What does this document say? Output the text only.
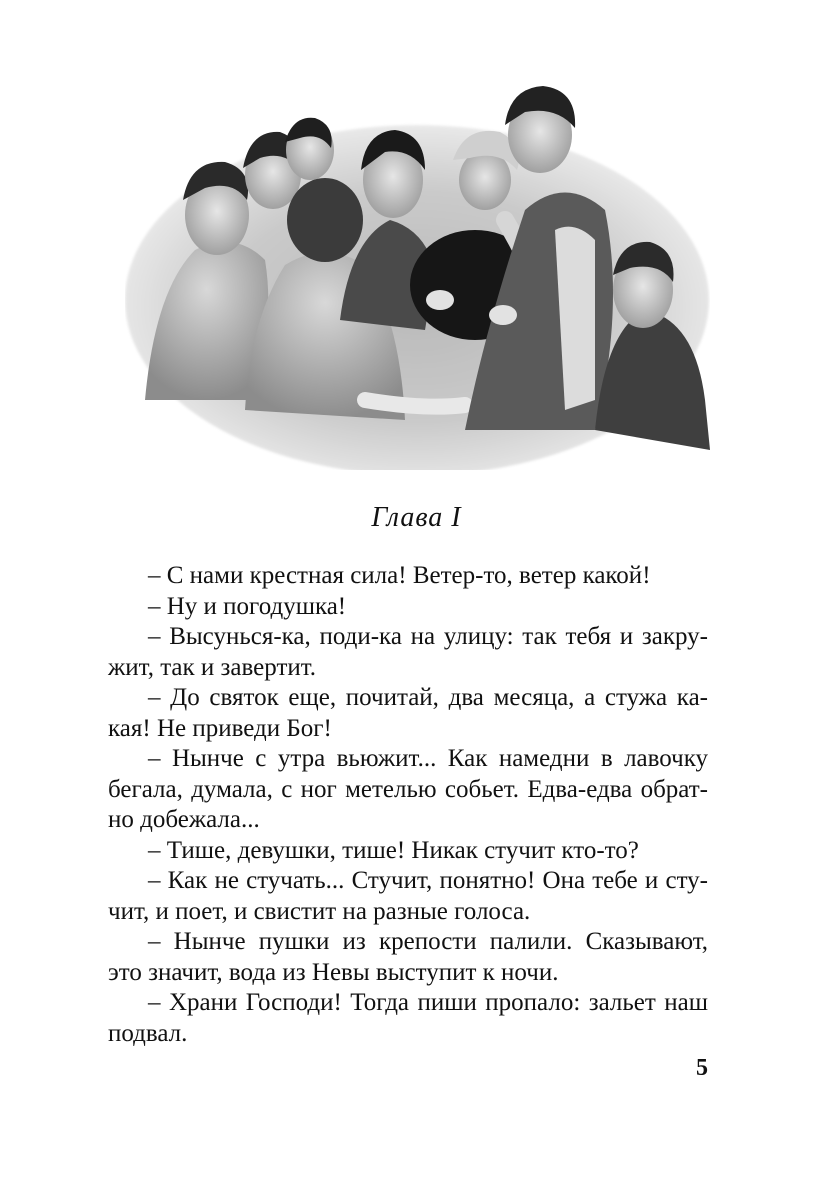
Глава I
– С нами крестная сила! Ветер-то, ветер какой!
– Ну и погодушка!
– Высунься-ка, поди-ка на улицу: так тебя и закру-
жит, так и завертит.
– До святок еще, почитай, два месяца, а стужа ка-
кая! Не приведи Бог!
– Нынче с утра вьюжит... Как намедни в лавочку
бегала, думала, с ног метелью собьет. Едва-едва обрат-
но добежала...
– Тише, девушки, тише! Никак стучит кто-то?
– Как не стучать... Стучит, понятно! Она тебе и сту-
чит, и поет, и свистит на разные голоса.
– Нынче пушки из крепости палили. Сказывают,
это значит, вода из Невы выступит к ночи.
– Храни Господи! Тогда пиши пропало: зальет наш
подвал.
5
